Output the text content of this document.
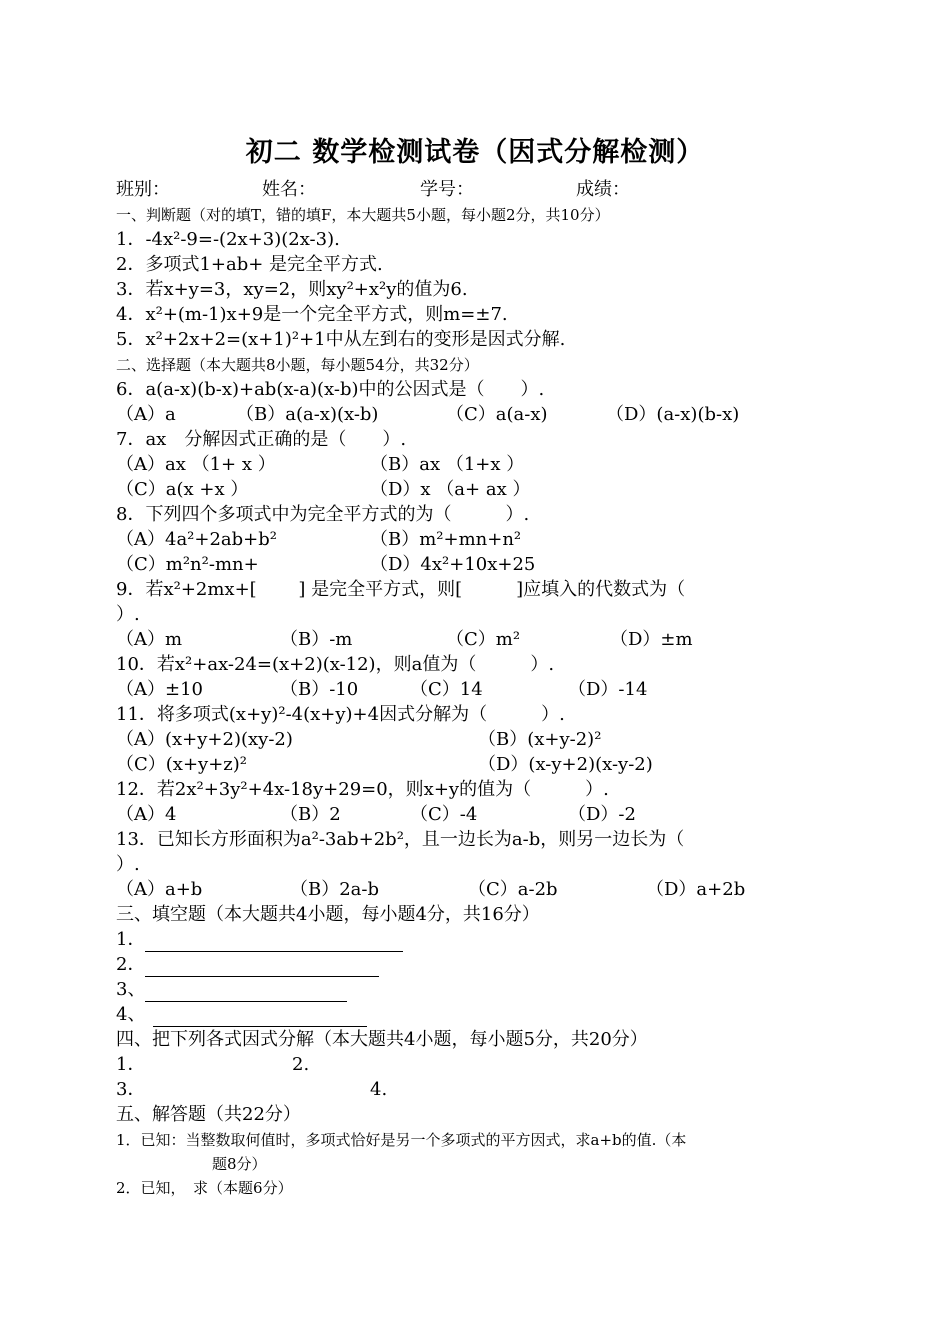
初二 数学检测试卷（因式分解检测）
班别：	姓名：	学号：	成绩：
一、判断题（对的填T，错的填F，本大题共5小题，每小题2分，共10分）
1．-4x²-9=-(2x+3)(2x-3).
2．多项式1+ab+ 是完全平方式.
3．若x+y=3，xy=2，则xy²+x²y的值为6.
4．x²+(m-1)x+9是一个完全平方式，则m=±7.
5．x²+2x+2=(x+1)²+1中从左到右的变形是因式分解.
二、选择题（本大题共8小题，每小题54分，共32分）
6．a(a-x)(b-x)+ab(x-a)(x-b)中的公因式是（　　）.
（A）a	（B）a(a-x)(x-b)	（C）a(a-x)	（D）(a-x)(b-x)
7．ax　分解因式正确的是（　　）.
（A）ax （1+ x ）	（B）ax （1+x ）
（C）a(x +x ）	（D）x （a+ ax ）
8．下列四个多项式中为完全平方式的为（　　　）.
（A）4a²+2ab+b²	（B）m²+mn+n²
（C）m²n²-mn+	（D）4x²+10x+25
9．若x²+2mx+[　　 ] 是完全平方式，则[　　　]应填入的代数式为（
）.
（A）m	（B）-m	（C）m²	（D）±m
10．若x²+ax-24=(x+2)(x-12)，则a值为（　　　）.
（A）±10	（B）-10	（C）14	（D）-14
11．将多项式(x+y)²-4(x+y)+4因式分解为（　　　）.
（A）(x+y+2)(xy-2)	（B）(x+y-2)²
（C）(x+y+z)²	（D）(x-y+2)(x-y-2)
12．若2x²+3y²+4x-18y+29=0，则x+y的值为（　　　）.
（A）4	（B）2	（C）-4	（D）-2
13．已知长方形面积为a²-3ab+2b²，且一边长为a-b，则另一边长为（
）.
（A）a+b	（B）2a-b	（C）a-2b	（D）a+2b
三、填空题（本大题共4小题，每小题4分，共16分）
1．
2．
3、
4、
四、把下列各式因式分解（本大题共4小题，每小题5分，共20分）
1．	2.
3．	4.
五、解答题（共22分）
1．已知：当整数取何值时，多项式恰好是另一个多项式的平方因式，求a+b的值.（本
题8分）
2．已知，　求（本题6分）
